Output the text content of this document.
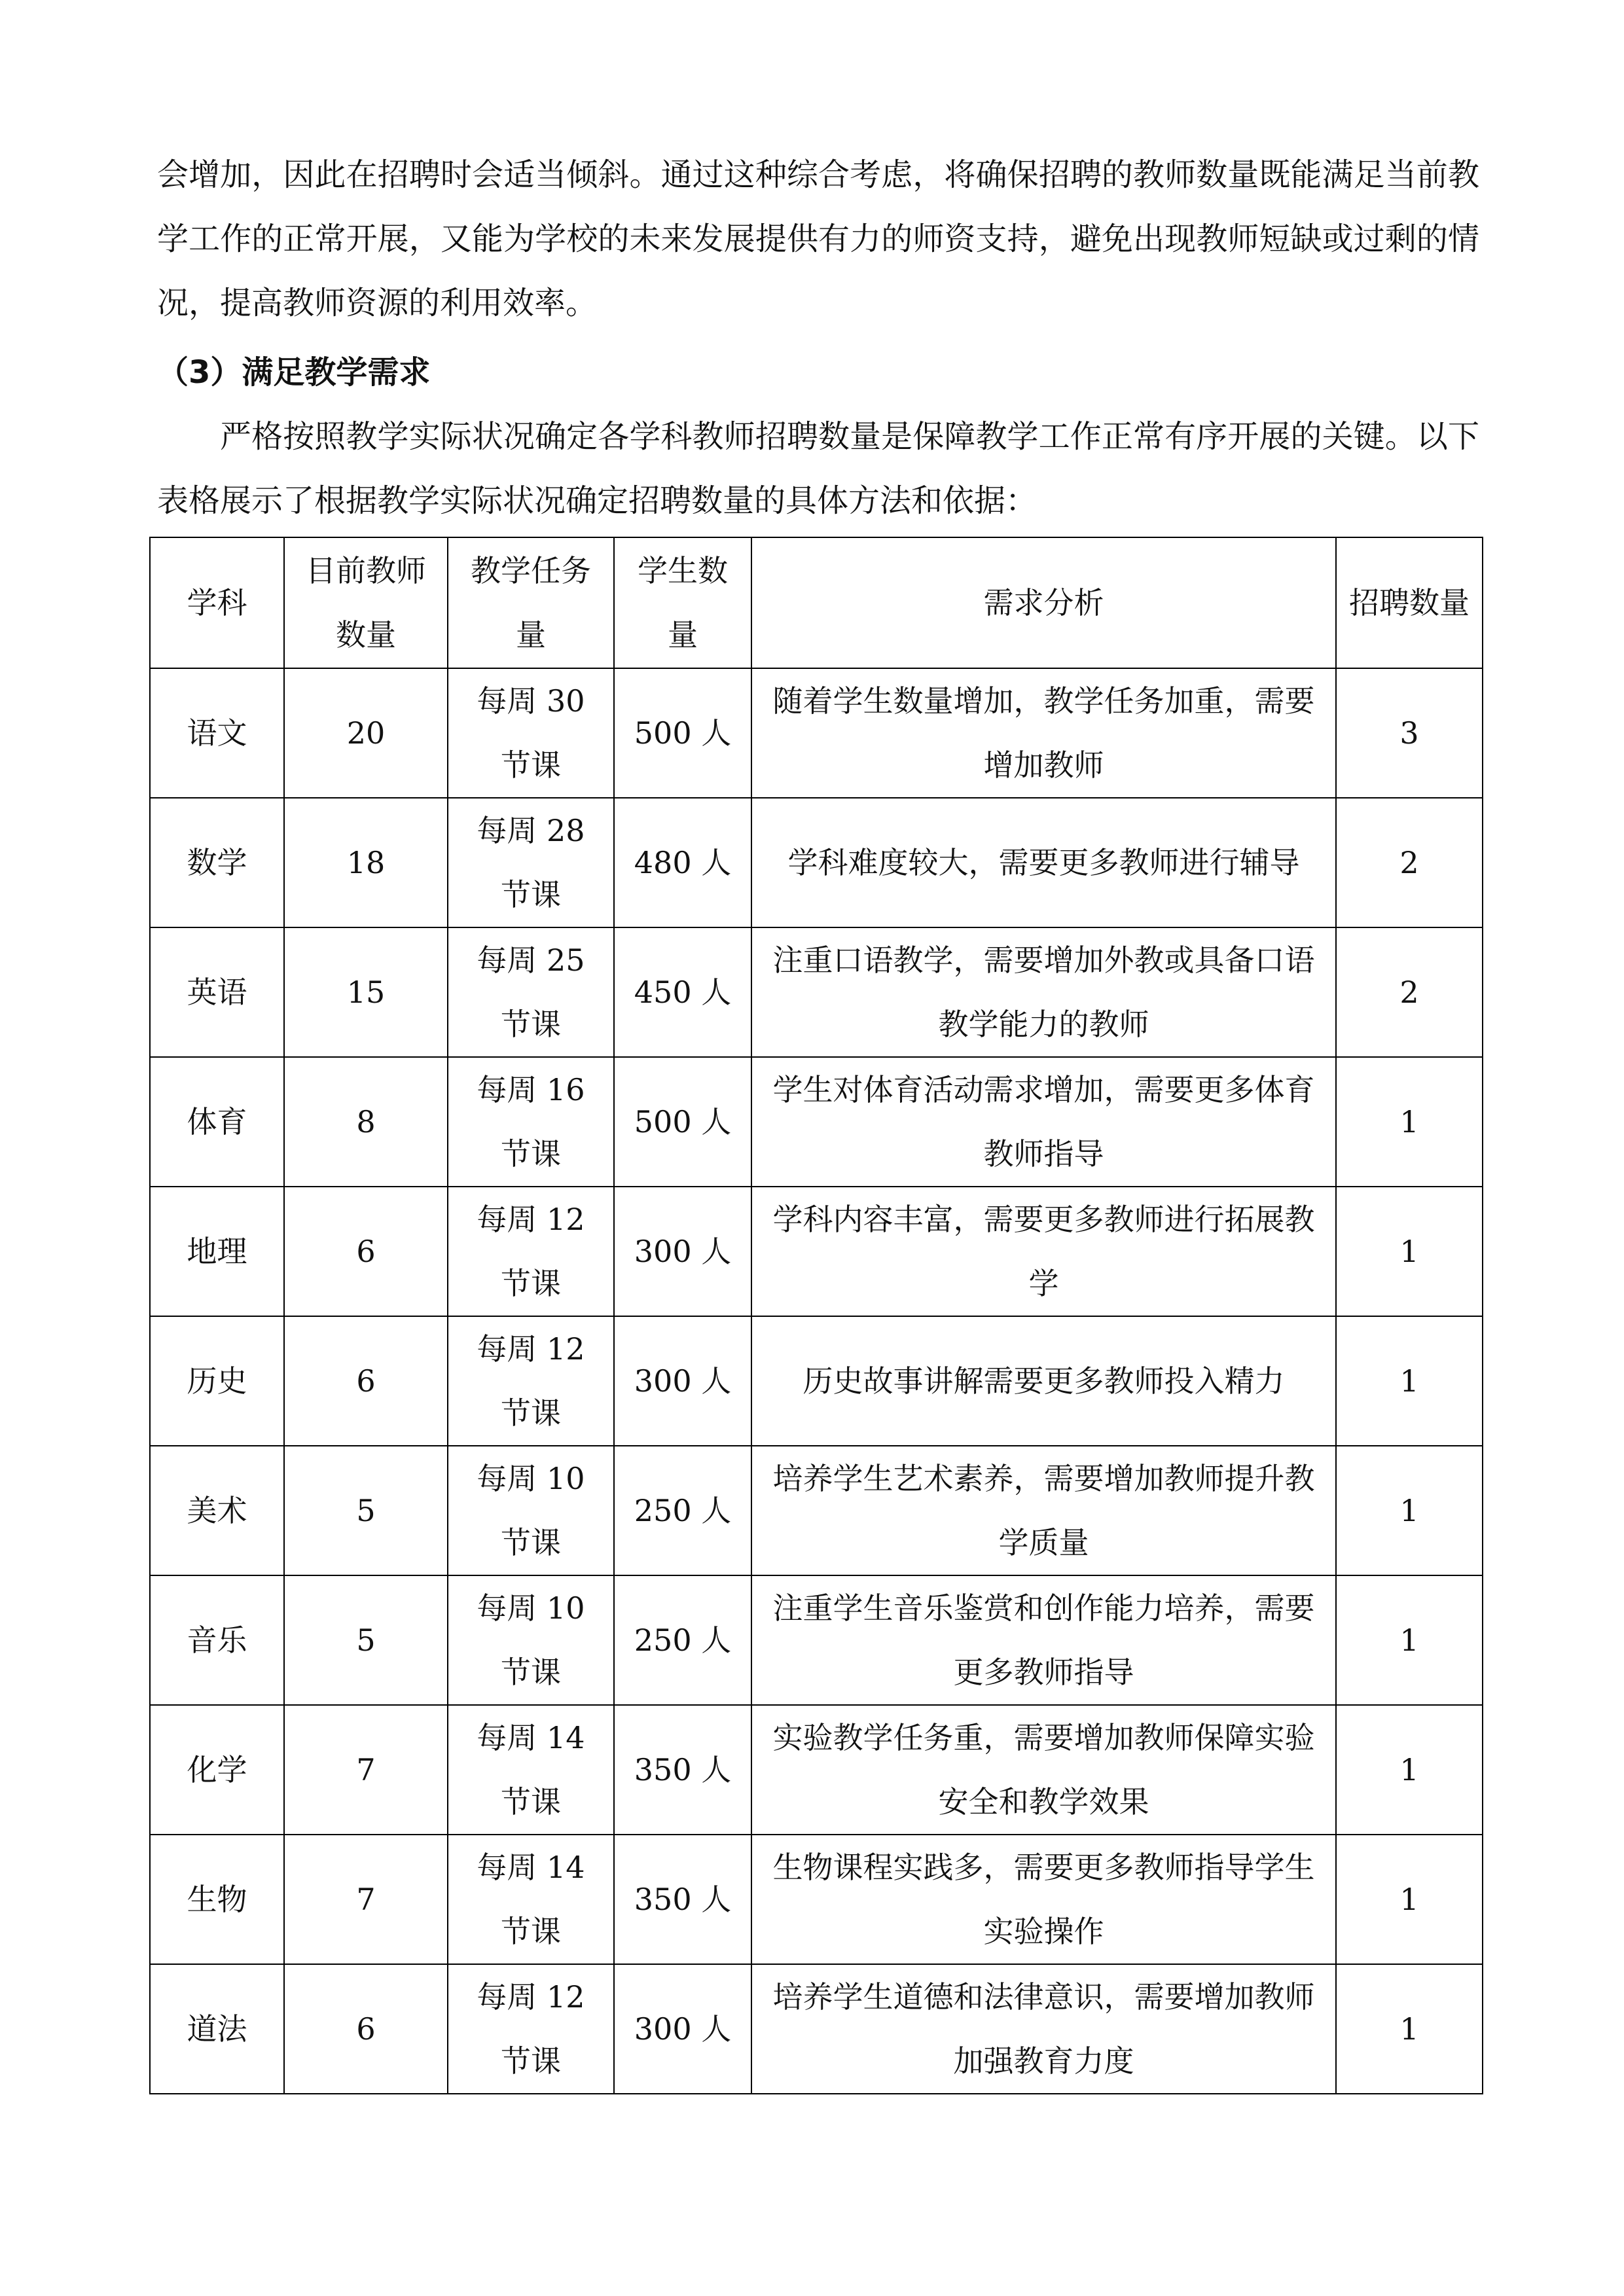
会增加，因此在招聘时会适当倾斜。通过这种综合考虑，将确保招聘的教师数量既能满足当前教学工作的正常开展，又能为学校的未来发展提供有力的师资支持，避免出现教师短缺或过剩的情况，提高教师资源的利用效率。

（3）满足教学需求

严格按照教学实际状况确定各学科教师招聘数量是保障教学工作正常有序开展的关键。以下表格展示了根据教学实际状况确定招聘数量的具体方法和依据：

学科	目前教师数量	教学任务量	学生数量	需求分析	招聘数量
语文	20	每周 30 节课	500 人	随着学生数量增加，教学任务加重，需要增加教师	3
数学	18	每周 28 节课	480 人	学科难度较大，需要更多教师进行辅导	2
英语	15	每周 25 节课	450 人	注重口语教学，需要增加外教或具备口语教学能力的教师	2
体育	8	每周 16 节课	500 人	学生对体育活动需求增加，需要更多体育教师指导	1
地理	6	每周 12 节课	300 人	学科内容丰富，需要更多教师进行拓展教学	1
历史	6	每周 12 节课	300 人	历史故事讲解需要更多教师投入精力	1
美术	5	每周 10 节课	250 人	培养学生艺术素养，需要增加教师提升教学质量	1
音乐	5	每周 10 节课	250 人	注重学生音乐鉴赏和创作能力培养，需要更多教师指导	1
化学	7	每周 14 节课	350 人	实验教学任务重，需要增加教师保障实验安全和教学效果	1
生物	7	每周 14 节课	350 人	生物课程实践多，需要更多教师指导学生实验操作	1
道法	6	每周 12 节课	300 人	培养学生道德和法律意识，需要增加教师加强教育力度	1
